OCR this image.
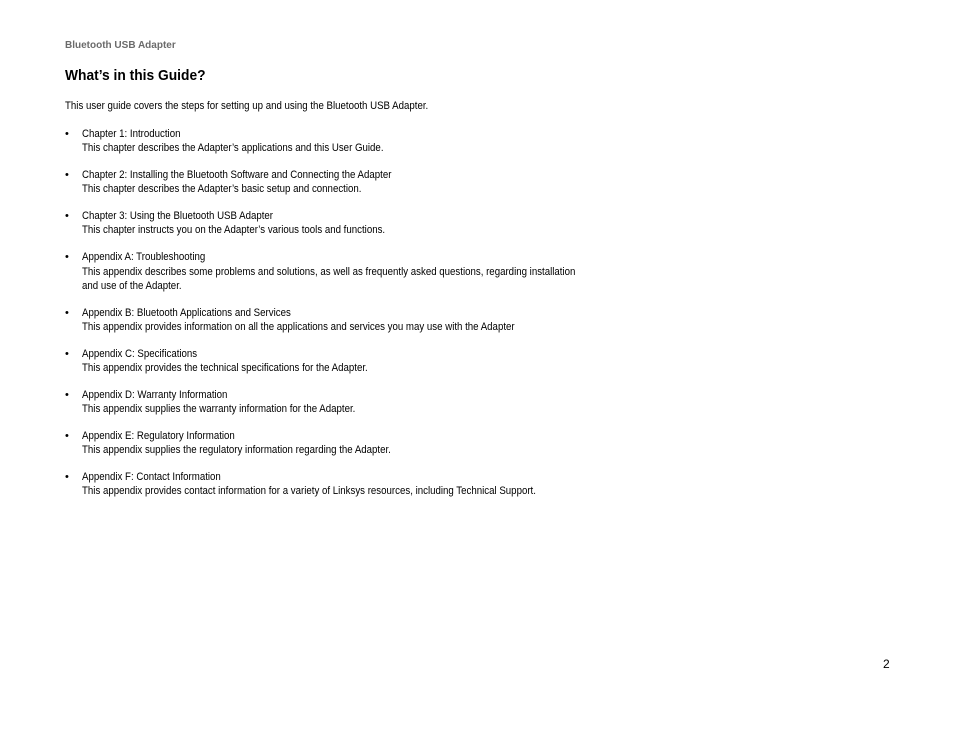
Bluetooth USB Adapter
What’s in this Guide?
This user guide covers the steps for setting up and using the Bluetooth USB Adapter.
• Chapter 1: Introduction
This chapter describes the Adapter’s applications and this User Guide.
• Chapter 2: Installing the Bluetooth Software and Connecting the Adapter
This chapter describes the Adapter’s basic setup and connection.
• Chapter 3: Using the Bluetooth USB Adapter
This chapter instructs you on the Adapter’s various tools and functions.
• Appendix A: Troubleshooting
This appendix describes some problems and solutions, as well as frequently asked questions, regarding installation and use of the Adapter.
• Appendix B: Bluetooth Applications and Services
This appendix provides information on all the applications and services you may use with the Adapter
• Appendix C: Specifications
This appendix provides the technical specifications for the Adapter.
• Appendix D: Warranty Information
This appendix supplies the warranty information for the Adapter.
• Appendix E: Regulatory Information
This appendix supplies the regulatory information regarding the Adapter.
• Appendix F: Contact Information
This appendix provides contact information for a variety of Linksys resources, including Technical Support.
2
